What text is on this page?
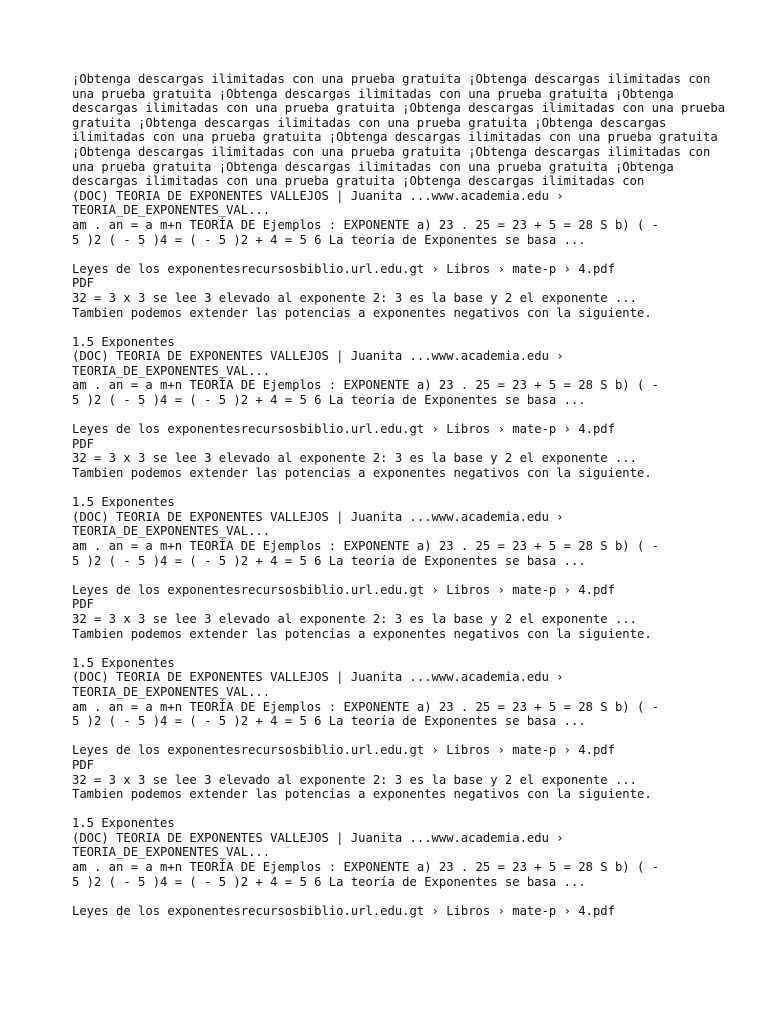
¡Obtenga descargas ilimitadas con una prueba gratuita ¡Obtenga descargas ilimitadas con una prueba gratuita ¡Obtenga descargas ilimitadas con una prueba gratuita ¡Obtenga descargas ilimitadas con una prueba gratuita ¡Obtenga descargas ilimitadas con una prueba gratuita ¡Obtenga descargas ilimitadas con una prueba gratuita ¡Obtenga descargas ilimitadas con una prueba gratuita ¡Obtenga descargas ilimitadas con una prueba gratuita ¡Obtenga descargas ilimitadas con una prueba gratuita ¡Obtenga descargas ilimitadas con una prueba gratuita ¡Obtenga descargas ilimitadas con una prueba gratuita ¡Obtenga descargas ilimitadas con una prueba gratuita ¡Obtenga descargas ilimitadas con
(DOC) TEORIA DE EXPONENTES VALLEJOS | Juanita ...www.academia.edu ›
TEORIA_DE_EXPONENTES_VAL...
am . an = a m+n TEORÍA DE Ejemplos : EXPONENTE a) 23 . 25 = 23 + 5 = 28 S b) ( -
5 )2 ( - 5 )4 = ( - 5 )2 + 4 = 5 6 La teoría de Exponentes se basa ...
Leyes de los exponentesrecursosbiblio.url.edu.gt › Libros › mate-p › 4.pdf
PDF
32 = 3 x 3 se lee 3 elevado al exponente 2: 3 es la base y 2 el exponente ...
Tambien podemos extender las potencias a exponentes negativos con la siguiente.
1.5 Exponentes
(DOC) TEORIA DE EXPONENTES VALLEJOS | Juanita ...www.academia.edu ›
TEORIA_DE_EXPONENTES_VAL...
am . an = a m+n TEORÍA DE Ejemplos : EXPONENTE a) 23 . 25 = 23 + 5 = 28 S b) ( -
5 )2 ( - 5 )4 = ( - 5 )2 + 4 = 5 6 La teoría de Exponentes se basa ...
Leyes de los exponentesrecursosbiblio.url.edu.gt › Libros › mate-p › 4.pdf
PDF
32 = 3 x 3 se lee 3 elevado al exponente 2: 3 es la base y 2 el exponente ...
Tambien podemos extender las potencias a exponentes negativos con la siguiente.
1.5 Exponentes
(DOC) TEORIA DE EXPONENTES VALLEJOS | Juanita ...www.academia.edu ›
TEORIA_DE_EXPONENTES_VAL...
am . an = a m+n TEORÍA DE Ejemplos : EXPONENTE a) 23 . 25 = 23 + 5 = 28 S b) ( -
5 )2 ( - 5 )4 = ( - 5 )2 + 4 = 5 6 La teoría de Exponentes se basa ...
Leyes de los exponentesrecursosbiblio.url.edu.gt › Libros › mate-p › 4.pdf
PDF
32 = 3 x 3 se lee 3 elevado al exponente 2: 3 es la base y 2 el exponente ...
Tambien podemos extender las potencias a exponentes negativos con la siguiente.
1.5 Exponentes
(DOC) TEORIA DE EXPONENTES VALLEJOS | Juanita ...www.academia.edu ›
TEORIA_DE_EXPONENTES_VAL...
am . an = a m+n TEORÍA DE Ejemplos : EXPONENTE a) 23 . 25 = 23 + 5 = 28 S b) ( -
5 )2 ( - 5 )4 = ( - 5 )2 + 4 = 5 6 La teoría de Exponentes se basa ...
Leyes de los exponentesrecursosbiblio.url.edu.gt › Libros › mate-p › 4.pdf
PDF
32 = 3 x 3 se lee 3 elevado al exponente 2: 3 es la base y 2 el exponente ...
Tambien podemos extender las potencias a exponentes negativos con la siguiente.
1.5 Exponentes
(DOC) TEORIA DE EXPONENTES VALLEJOS | Juanita ...www.academia.edu ›
TEORIA_DE_EXPONENTES_VAL...
am . an = a m+n TEORÍA DE Ejemplos : EXPONENTE a) 23 . 25 = 23 + 5 = 28 S b) ( -
5 )2 ( - 5 )4 = ( - 5 )2 + 4 = 5 6 La teoría de Exponentes se basa ...
Leyes de los exponentesrecursosbiblio.url.edu.gt › Libros › mate-p › 4.pdf
